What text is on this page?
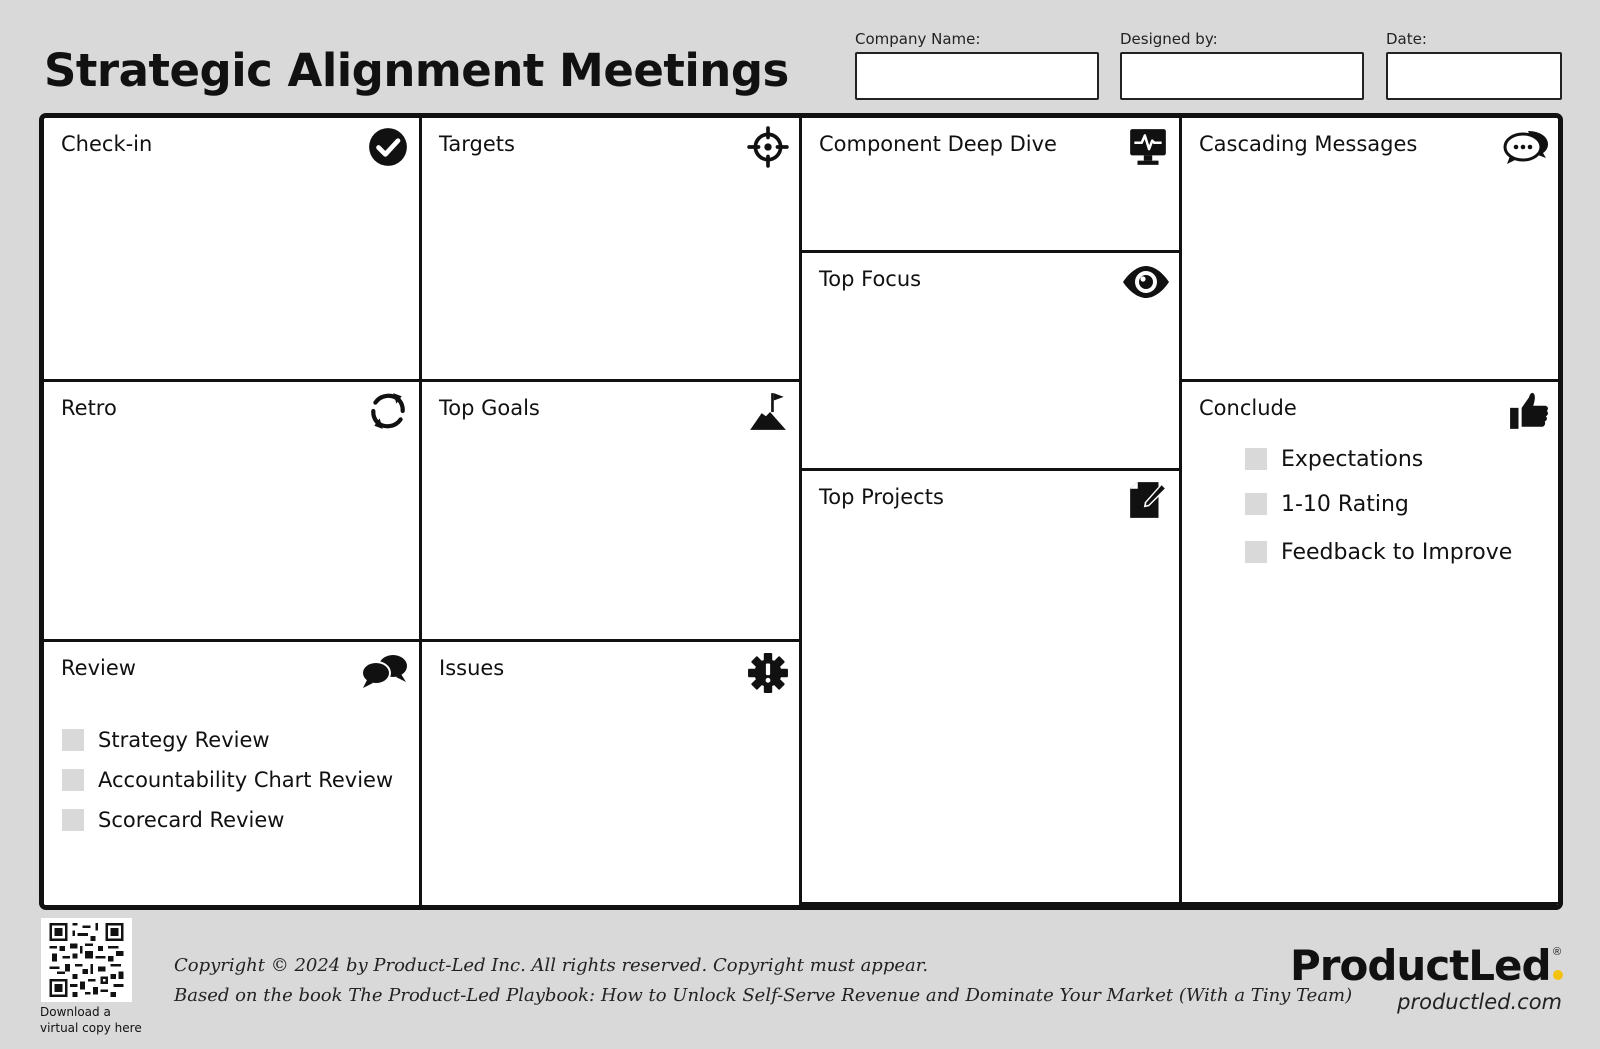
Strategic Alignment Meetings
Company Name:	Designed by:	Date:
Check-in	Targets	Component Deep Dive	Cascading Messages
Top Focus
Retro	Top Goals
Top Projects
Conclude
Expectations
1-10 Rating
Feedback to Improve
Review
Strategy Review
Accountability Chart Review
Scorecard Review
Issues
Download a
virtual copy here
Copyright © 2024 by Product-Led Inc. All rights reserved. Copyright must appear.
Based on the book The Product-Led Playbook: How to Unlock Self-Serve Revenue and Dominate Your Market (With a Tiny Team)
ProductLed ®
productled.com
